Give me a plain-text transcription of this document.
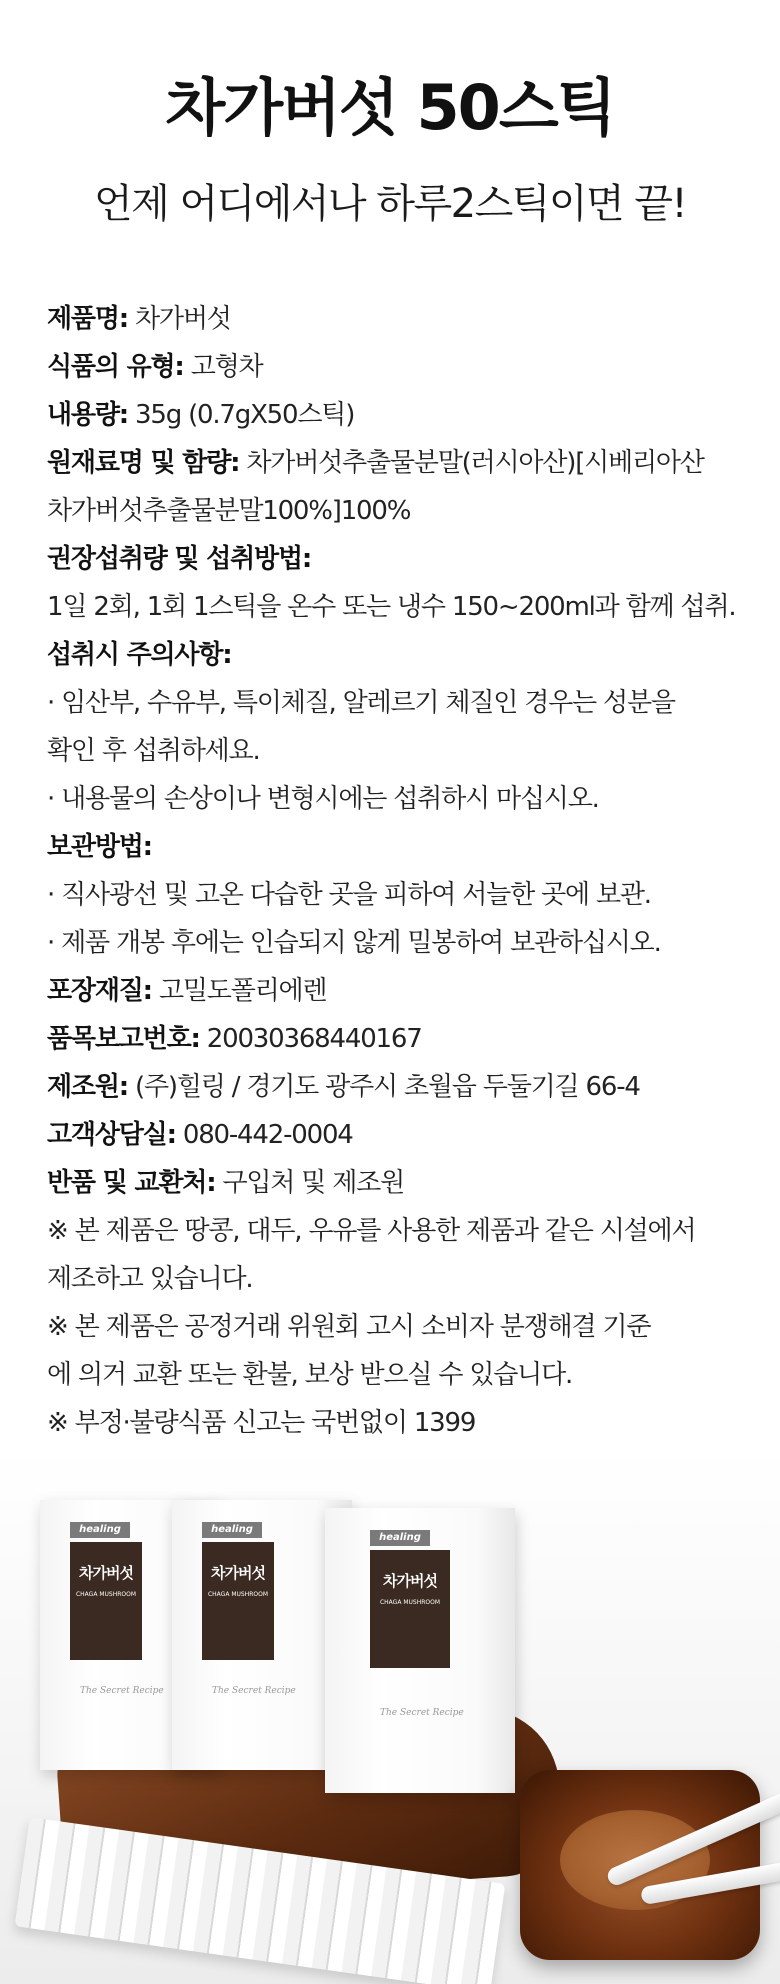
차가버섯 50스틱
언제 어디에서나 하루2스틱이면 끝!
제품명: 차가버섯
식품의 유형: 고형차
내용량: 35g (0.7gX50스틱)
원재료명 및 함량: 차가버섯추출물분말(러시아산)[시베리아산
차가버섯추출물분말100%]100%
권장섭취량 및 섭취방법:
1일 2회, 1회 1스틱을 온수 또는 냉수 150~200ml과 함께 섭취.
섭취시 주의사항:
· 임산부, 수유부, 특이체질, 알레르기 체질인 경우는 성분을
확인 후 섭취하세요.
· 내용물의 손상이나 변형시에는 섭취하시 마십시오.
보관방법:
· 직사광선 및 고온 다습한 곳을 피하여 서늘한 곳에 보관.
· 제품 개봉 후에는 인습되지 않게 밀봉하여 보관하십시오.
포장재질: 고밀도폴리에렌
품목보고번호: 20030368440167
제조원: (주)힐링 / 경기도 광주시 초월읍 두둘기길 66-4
고객상담실: 080-442-0004
반품 및 교환처: 구입처 및 제조원
※ 본 제품은 땅콩, 대두, 우유를 사용한 제품과 같은 시설에서
제조하고 있습니다.
※ 본 제품은 공정거래 위원회 고시 소비자 분쟁해결 기준
에 의거 교환 또는 환불, 보상 받으실 수 있습니다.
※ 부정·불량식품 신고는 국번없이 1399
healing
차가버섯
CHAGA MUSHROOM
The Secret Recipe
healing
차가버섯
CHAGA MUSHROOM
The Secret Recipe
healing
차가버섯
CHAGA MUSHROOM
The Secret Recipe
